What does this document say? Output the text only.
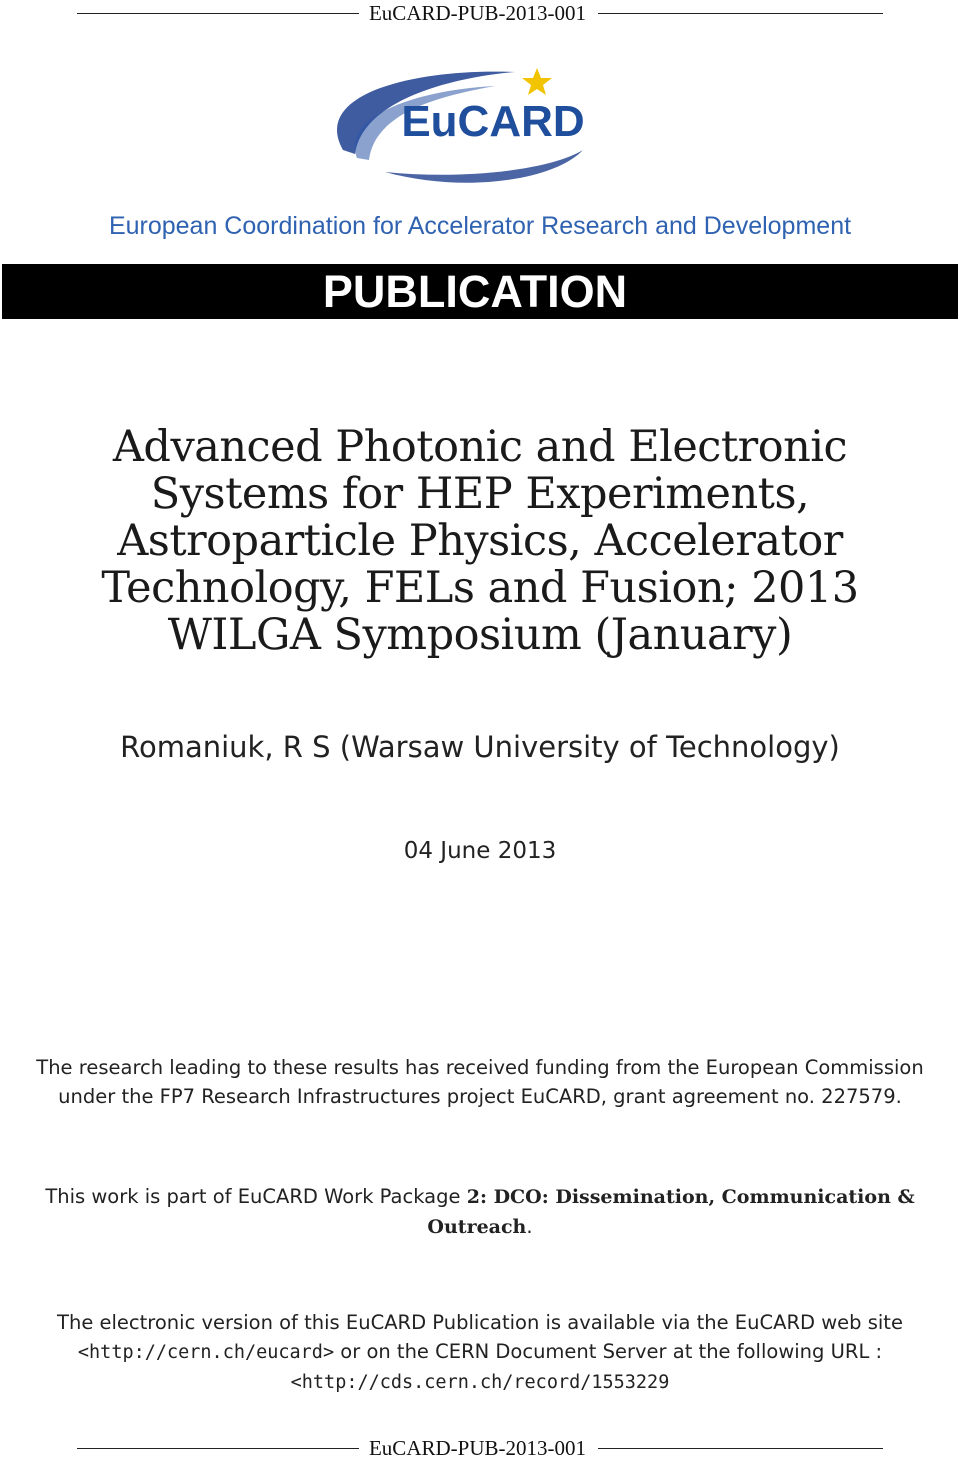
EuCARD-PUB-2013-001
EuCARD
European Coordination for Accelerator Research and Development
PUBLICATION
Advanced Photonic and Electronic
Systems for HEP Experiments,
Astroparticle Physics, Accelerator
Technology, FELs and Fusion; 2013
WILGA Symposium (January)
Romaniuk, R S (Warsaw University of Technology)
04 June 2013
The research leading to these results has received funding from the European Commission
under the FP7 Research Infrastructures project EuCARD, grant agreement no. 227579.
This work is part of EuCARD Work Package 2: DCO: Dissemination, Communication &
Outreach.
The electronic version of this EuCARD Publication is available via the EuCARD web site
<http://cern.ch/eucard> or on the CERN Document Server at the following URL :
<http://cds.cern.ch/record/1553229
EuCARD-PUB-2013-001
